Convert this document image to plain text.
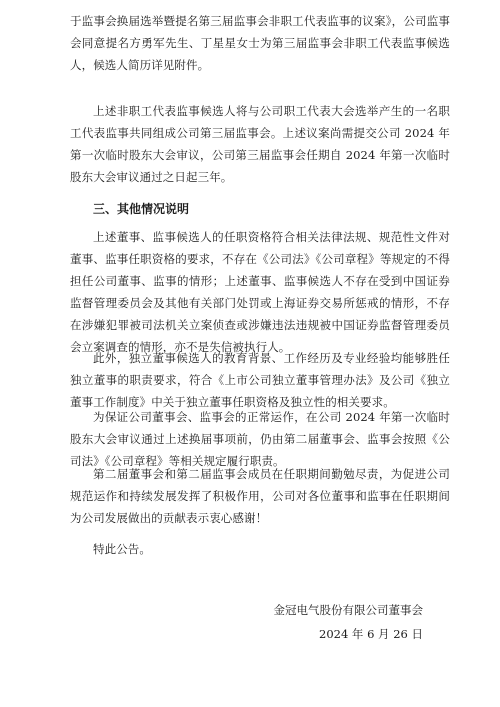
于监事会换届选举暨提名第三届监事会非职工代表监事的议案》，公司监事会同意提名方勇军先生、丁星星女士为第三届监事会非职工代表监事候选人，候选人简历详见附件。

上述非职工代表监事候选人将与公司职工代表大会选举产生的一名职工代表监事共同组成公司第三届监事会。上述议案尚需提交公司 2024 年第一次临时股东大会审议，公司第三届监事会任期自 2024 年第一次临时股东大会审议通过之日起三年。

三、其他情况说明

上述董事、监事候选人的任职资格符合相关法律法规、规范性文件对董事、监事任职资格的要求，不存在《公司法》《公司章程》等规定的不得担任公司董事、监事的情形；上述董事、监事候选人不存在受到中国证券监督管理委员会及其他有关部门处罚或上海证券交易所惩戒的情形，不存在涉嫌犯罪被司法机关立案侦查或涉嫌违法违规被中国证券监督管理委员会立案调查的情形，亦不是失信被执行人。

此外，独立董事候选人的教育背景、工作经历及专业经验均能够胜任独立董事的职责要求，符合《上市公司独立董事管理办法》及公司《独立董事工作制度》中关于独立董事任职资格及独立性的相关要求。

为保证公司董事会、监事会的正常运作，在公司 2024 年第一次临时股东大会审议通过上述换届事项前，仍由第二届董事会、监事会按照《公司法》《公司章程》等相关规定履行职责。

第二届董事会和第二届监事会成员在任职期间勤勉尽责，为促进公司规范运作和持续发展发挥了积极作用，公司对各位董事和监事在任职期间为公司发展做出的贡献表示衷心感谢！

特此公告。

金冠电气股份有限公司董事会
2024 年 6 月 26 日
